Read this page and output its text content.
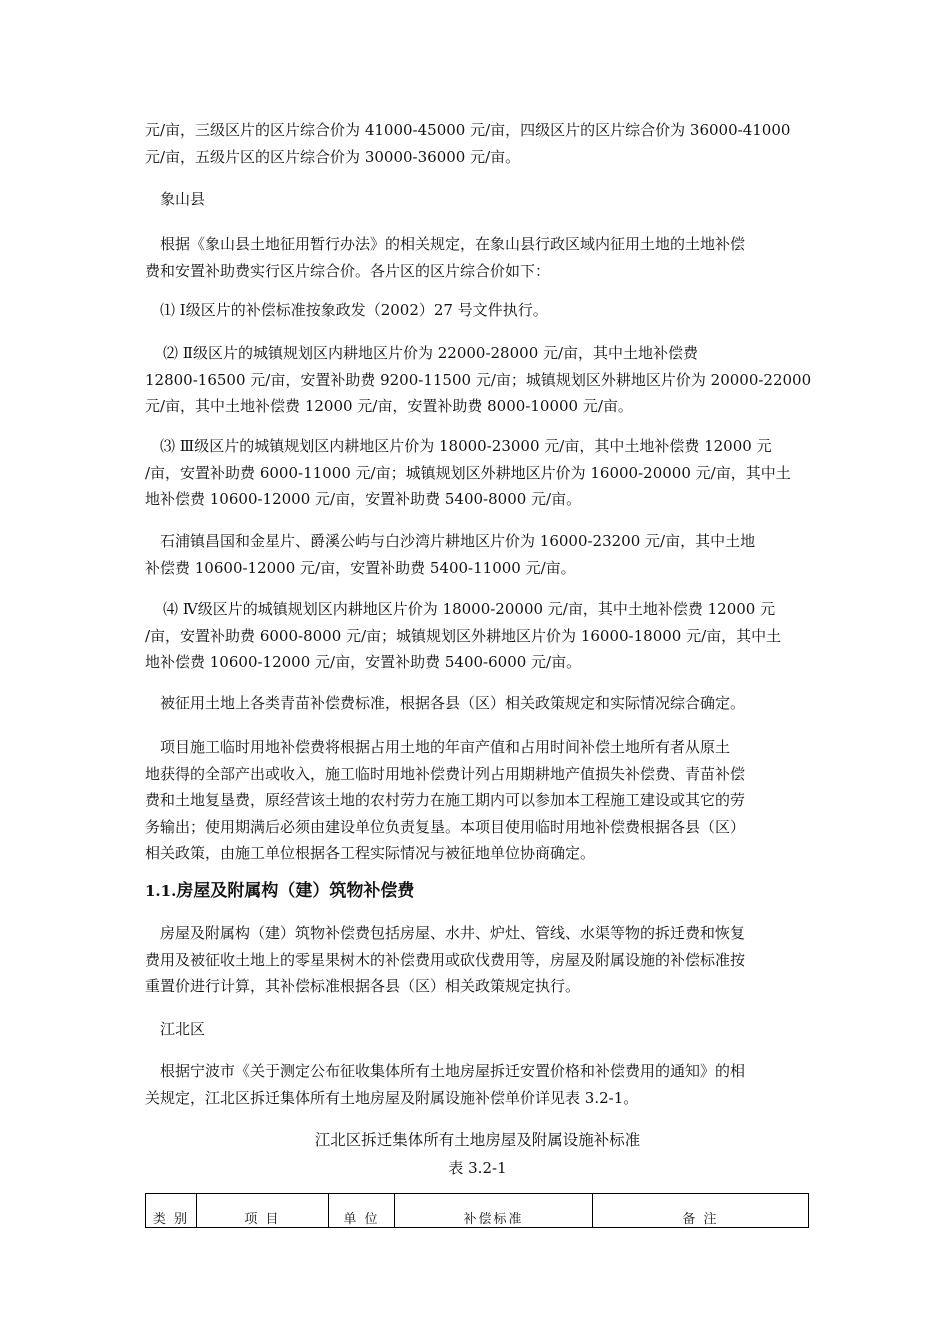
元/亩，三级区片的区片综合价为 41000-45000 元/亩，四级区片的区片综合价为 36000-41000
元/亩，五级片区的区片综合价为 30000-36000 元/亩。

象山县

根据《象山县土地征用暂行办法》的相关规定，在象山县行政区域内征用土地的土地补偿
费和安置补助费实行区片综合价。各片区的区片综合价如下：

⑴ Ⅰ级区片的补偿标准按象政发（2002）27 号文件执行。

⑵ Ⅱ级区片的城镇规划区内耕地区片价为 22000-28000 元/亩，其中土地补偿费
12800-16500 元/亩，安置补助费 9200-11500 元/亩；城镇规划区外耕地区片价为 20000-22000
元/亩，其中土地补偿费 12000 元/亩，安置补助费 8000-10000 元/亩。

⑶ Ⅲ级区片的城镇规划区内耕地区片价为 18000-23000 元/亩，其中土地补偿费 12000 元
/亩，安置补助费 6000-11000 元/亩；城镇规划区外耕地区片价为 16000-20000 元/亩，其中土
地补偿费 10600-12000 元/亩，安置补助费 5400-8000 元/亩。

石浦镇昌国和金星片、爵溪公屿与白沙湾片耕地区片价为 16000-23200 元/亩，其中土地
补偿费 10600-12000 元/亩，安置补助费 5400-11000 元/亩。

⑷ Ⅳ级区片的城镇规划区内耕地区片价为 18000-20000 元/亩，其中土地补偿费 12000 元
/亩，安置补助费 6000-8000 元/亩；城镇规划区外耕地区片价为 16000-18000 元/亩，其中土
地补偿费 10600-12000 元/亩，安置补助费 5400-6000 元/亩。

被征用土地上各类青苗补偿费标准，根据各县（区）相关政策规定和实际情况综合确定。

项目施工临时用地补偿费将根据占用土地的年亩产值和占用时间补偿土地所有者从原土
地获得的全部产出或收入，施工临时用地补偿费计列占用期耕地产值损失补偿费、青苗补偿
费和土地复垦费，原经营该土地的农村劳力在施工期内可以参加本工程施工建设或其它的劳
务输出；使用期满后必须由建设单位负责复垦。本项目使用临时用地补偿费根据各县（区）
相关政策，由施工单位根据各工程实际情况与被征地单位协商确定。

1.1.房屋及附属构（建）筑物补偿费

房屋及附属构（建）筑物补偿费包括房屋、水井、炉灶、管线、水渠等物的拆迁费和恢复
费用及被征收土地上的零星果树木的补偿费用或砍伐费用等，房屋及附属设施的补偿标准按
重置价进行计算，其补偿标准根据各县（区）相关政策规定执行。

江北区

根据宁波市《关于测定公布征收集体所有土地房屋拆迁安置价格和补偿费用的通知》的相
关规定，江北区拆迁集体所有土地房屋及附属设施补偿单价详见表 3.2-1。

江北区拆迁集体所有土地房屋及附属设施补标准

表 3.2-1

类 别	项 目	单 位	补偿标准	备 注
